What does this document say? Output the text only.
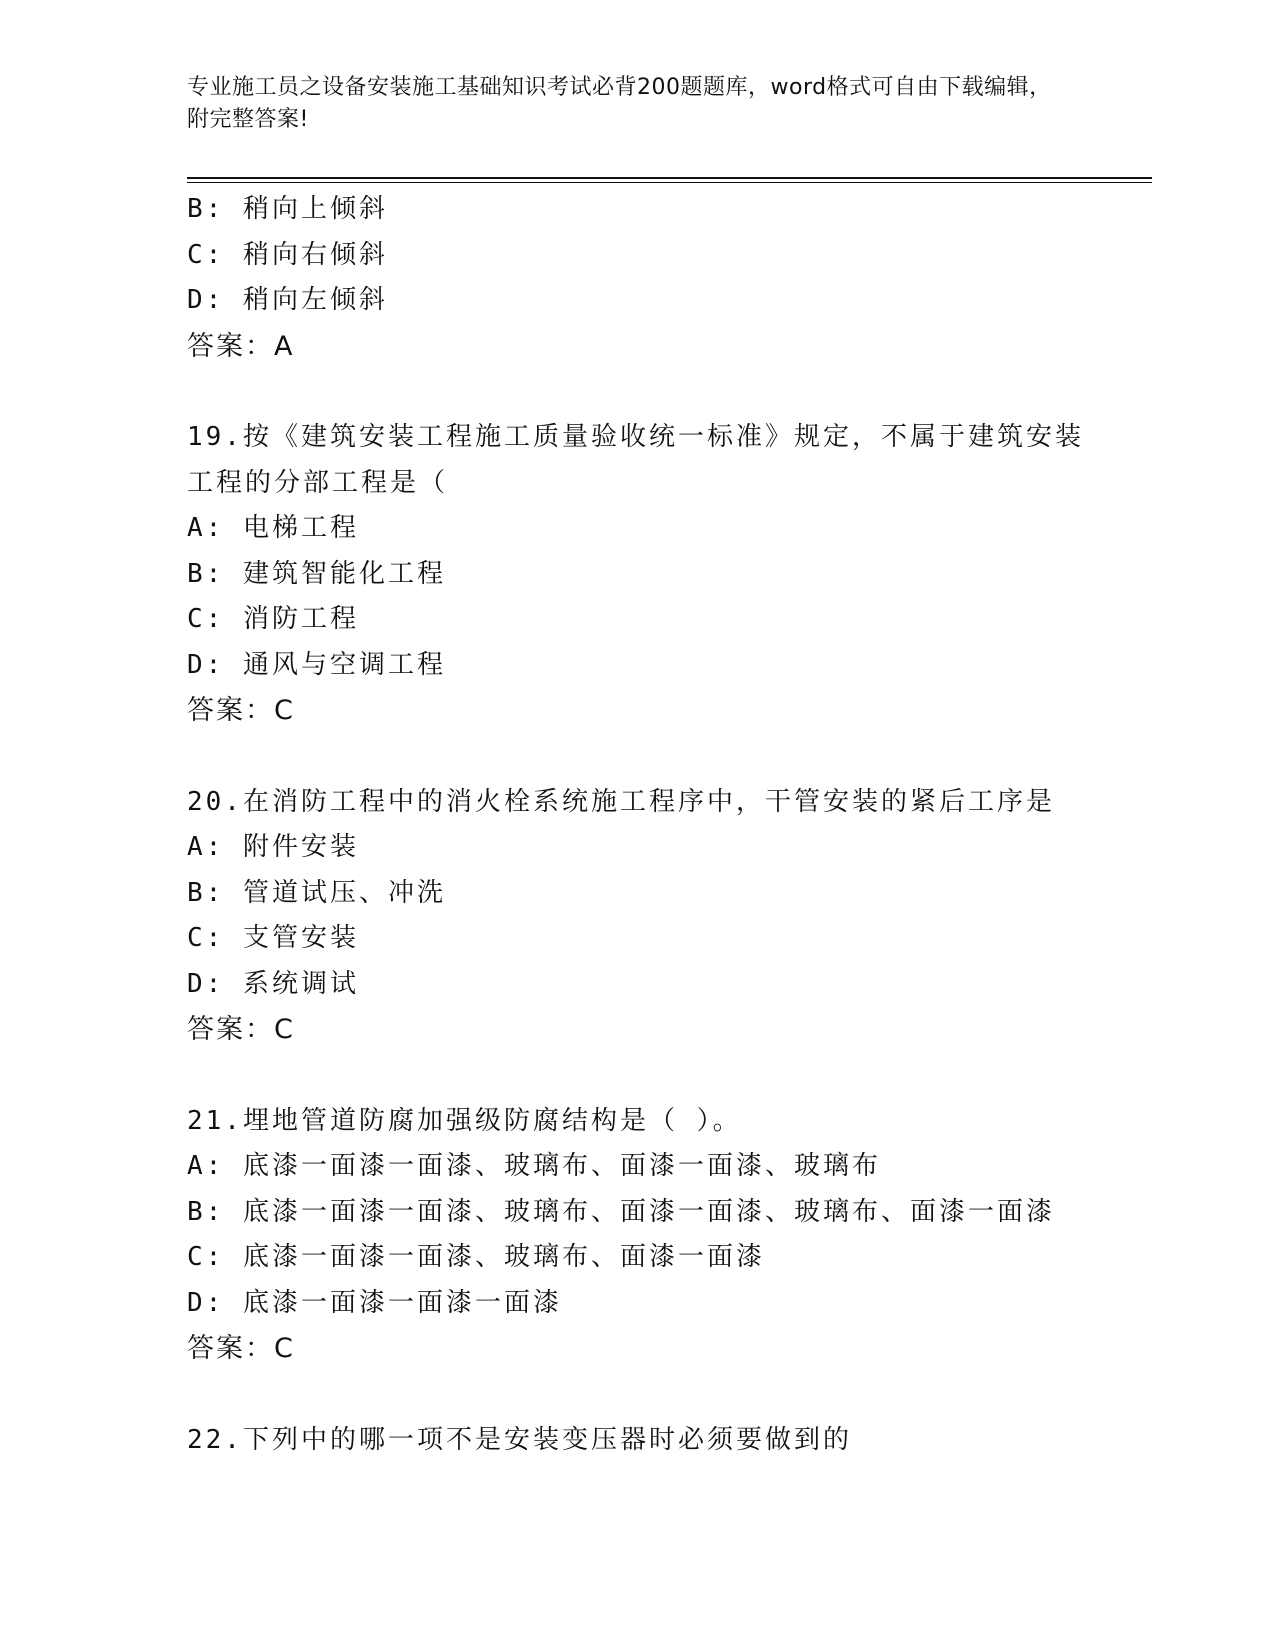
专业施工员之设备安装施工基础知识考试必背200题题库，word格式可自由下载编辑，附完整答案!
B: 稍向上倾斜
C: 稍向右倾斜
D: 稍向左倾斜
答案：A
19.按《建筑安装工程施工质量验收统一标准》规定，不属于建筑安装工程的分部工程是（
A: 电梯工程
B: 建筑智能化工程
C: 消防工程
D: 通风与空调工程
答案：C
20.在消防工程中的消火栓系统施工程序中，干管安装的紧后工序是
A: 附件安装
B: 管道试压、冲洗
C: 支管安装
D: 系统调试
答案：C
21.埋地管道防腐加强级防腐结构是（ ）。
A: 底漆一面漆一面漆、玻璃布、面漆一面漆、玻璃布
B: 底漆一面漆一面漆、玻璃布、面漆一面漆、玻璃布、面漆一面漆
C: 底漆一面漆一面漆、玻璃布、面漆一面漆
D: 底漆一面漆一面漆一面漆
答案：C
22.下列中的哪一项不是安装变压器时必须要做到的
